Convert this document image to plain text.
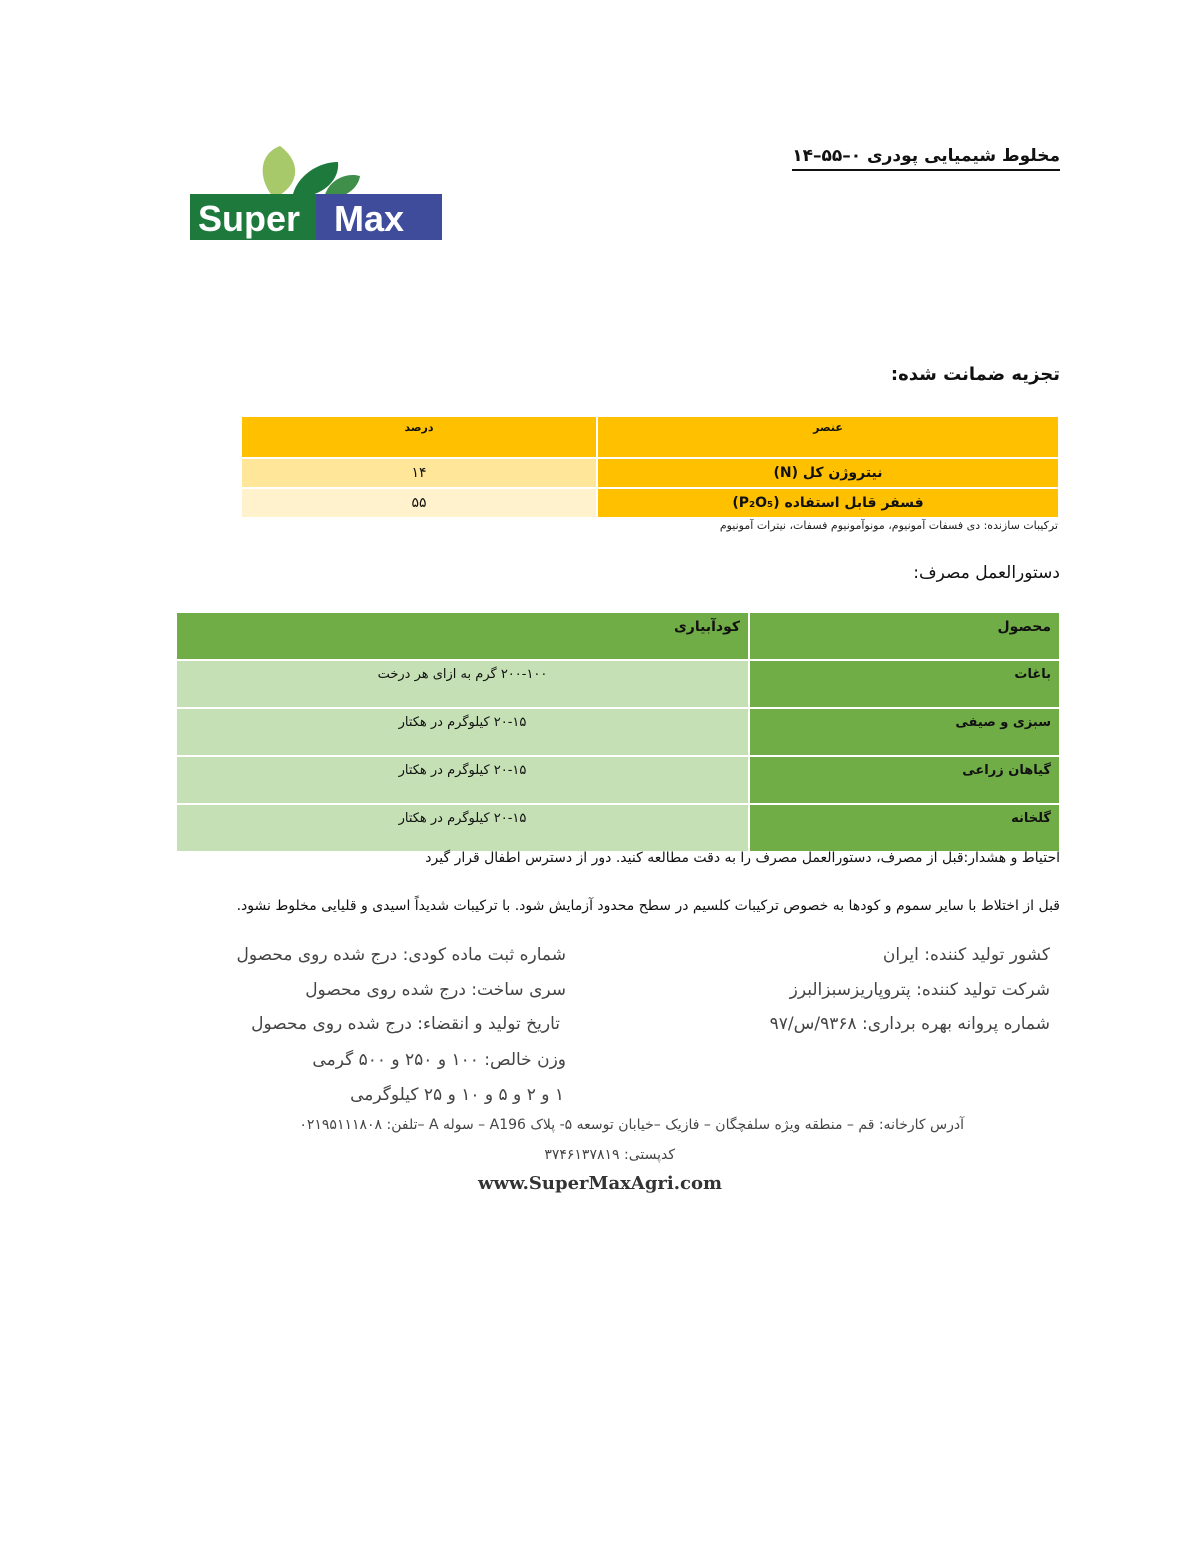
Super Max
مخلوط شیمیایی پودری ۰–۵۵–۱۴
تجزیه ضمانت شده:
عنصر	درصد
نیتروژن کل (N)	۱۴
فسفر قابل استفاده (P₂O₅)	۵۵
ترکیبات سازنده: دی فسفات آمونیوم، مونوآمونیوم فسفات، نیترات آمونیوم
دستورالعمل مصرف:
محصول	کودآبیاری
باغات	۲۰۰-۱۰۰ گرم به ازای هر درخت
سبزی و صیفی	۲۰-۱۵ کیلوگرم در هکتار
گیاهان زراعی	۲۰-۱۵ کیلوگرم در هکتار
گلخانه	۲۰-۱۵ کیلوگرم در هکتار
احتیاط و هشدار:قبل از مصرف، دستورالعمل مصرف را به دقت مطالعه کنید. دور از دسترس اطفال قرار گیرد
قبل از اختلاط با سایر سموم و کودها به خصوص ترکیبات کلسیم در سطح محدود آزمایش شود. با ترکیبات شدیداً اسیدی و قلیایی مخلوط نشود.
کشور تولید کننده: ایران
شرکت تولید کننده: پتروپاریزسبزالبرز
شماره پروانه بهره برداری: ۹۳۶۸/س/۹۷
شماره ثبت ماده کودی: درج شده روی محصول
سری ساخت: درج شده روی محصول
تاریخ تولید و انقضاء: درج شده روی محصول
وزن خالص: ۱۰۰ و ۲۵۰ و ۵۰۰ گرمی
۱ و ۲ و ۵ و ۱۰ و ۲۵ کیلوگرمی
آدرس کارخانه: قم – منطقه ویژه سلفچگان – فازیک –خیابان توسعه ۵- پلاک A196 – سوله A –تلفن: ۰۲۱۹۵۱۱۱۸۰۸
کدپستی: ۳۷۴۶۱۳۷۸۱۹
www.SuperMaxAgri.com
